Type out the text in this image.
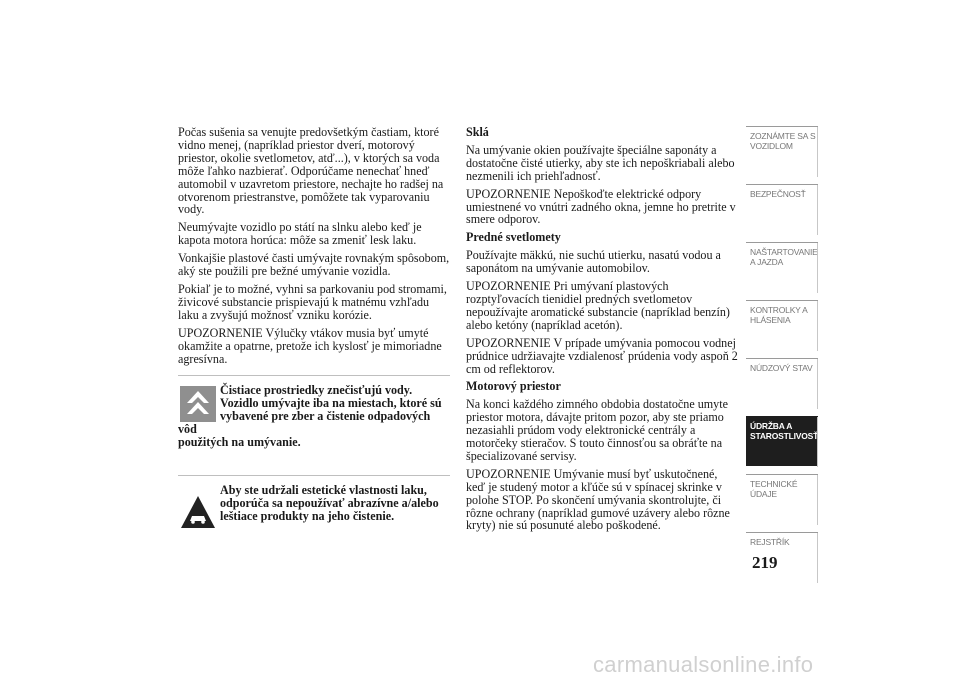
Počas sušenia sa venujte predovšetkým častiam, ktoré vidno menej, (napríklad priestor dverí, motorový priestor, okolie svetlometov, atď...), v ktorých sa voda môže ľahko nazbierať. Odporúčame nenechať hneď automobil v uzavretom priestore, nechajte ho radšej na otvorenom priestranstve, pomôžete tak vyparovaniu vody.

Neumývajte vozidlo po státí na slnku alebo keď je kapota motora horúca: môže sa zmeniť lesk laku.

Vonkajšie plastové časti umývajte rovnakým spôsobom, aký ste použili pre bežné umývanie vozidla.

Pokiaľ je to možné, vyhni sa parkovaniu pod stromami, živicové substancie prispievajú k matnému vzhľadu laku a zvyšujú možnosť vzniku korózie.

UPOZORNENIE Výlučky vtákov musia byť umyté okamžite a opatrne, pretože ich kyslosť je mimoriadne agresívna.

Čistiace prostriedky znečisťujú vody.
Vozidlo umývajte iba na miestach, ktoré sú
vybavené pre zber a čistenie odpadových vôd
použitých na umývanie.
Aby ste udržali estetické vlastnosti laku,
odporúča sa nepoužívať abrazívne a/alebo
leštiace produkty na jeho čistenie.

Sklá

Na umývanie okien používajte špeciálne saponáty a dostatočne čisté utierky, aby ste ich nepoškriabali alebo nezmenili ich priehľadnosť.

UPOZORNENIE Nepoškoďte elektrické odpory umiestnené vo vnútri zadného okna, jemne ho pretrite v smere odporov.

Predné svetlomety

Používajte mäkkú, nie suchú utierku, nasatú vodou a saponátom na umývanie automobilov.

UPOZORNENIE Pri umývaní plastových rozptyľovacích tienidiel predných svetlometov nepoužívajte aromatické substancie (napríklad benzín) alebo ketóny (napríklad acetón).

UPOZORNENIE V prípade umývania pomocou vodnej prúdnice udržiavajte vzdialenosť prúdenia vody aspoň 2 cm od reflektorov.

Motorový priestor

Na konci každého zimného obdobia dostatočne umyte priestor motora, dávajte pritom pozor, aby ste priamo nezasiahli prúdom vody elektronické centrály a motorčeky stieračov. S touto činnosťou sa obráťte na špecializované servisy.

UPOZORNENIE Umývanie musí byť uskutočnené, keď je studený motor a kľúče sú v spínacej skrinke v polohe STOP. Po skončení umývania skontrolujte, či rôzne ochrany (napríklad gumové uzávery alebo rôzne kryty) nie sú posunuté alebo poškodené.

ZOZNÁMTE SA S
VOZIDLOM
BEZPEČNOSŤ
NAŠTARTOVANIE
A JAZDA
KONTROLKY A
HLÁSENIA
NÚDZOVÝ STAV
ÚDRŽBA A
STAROSTLIVOSŤ
TECHNICKÉ
ÚDAJE
REJSTŘÍK
219
carmanualsonline.info
